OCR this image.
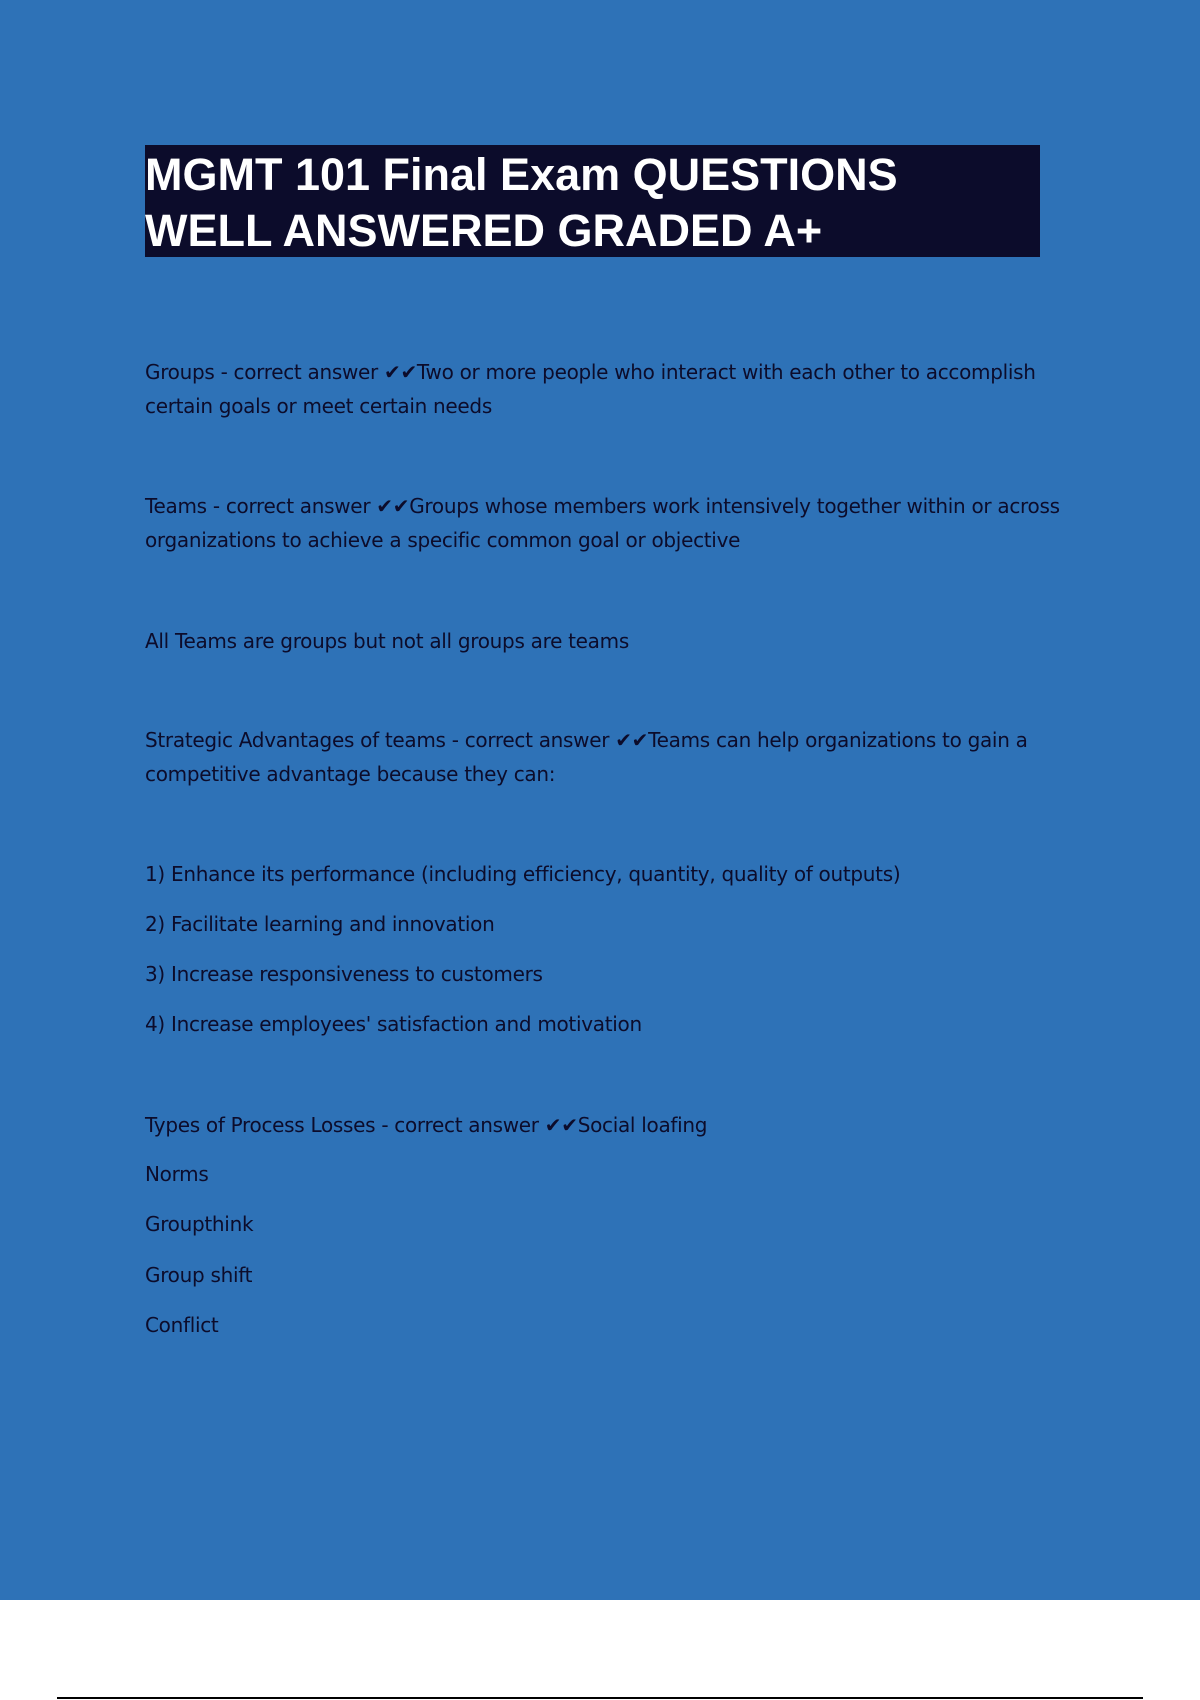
MGMT 101 Final Exam QUESTIONS
WELL ANSWERED GRADED A+

Groups - correct answer ✔✔Two or more people who interact with each other to accomplish certain goals or meet certain needs

Teams - correct answer ✔✔Groups whose members work intensively together within or across organizations to achieve a specific common goal or objective

All Teams are groups but not all groups are teams

Strategic Advantages of teams - correct answer ✔✔Teams can help organizations to gain a competitive advantage because they can:

1) Enhance its performance (including efficiency, quantity, quality of outputs)
2) Facilitate learning and innovation
3) Increase responsiveness to customers
4) Increase employees' satisfaction and motivation
Types of Process Losses - correct answer ✔✔Social loafing
Norms
Groupthink
Group shift
Conflict
